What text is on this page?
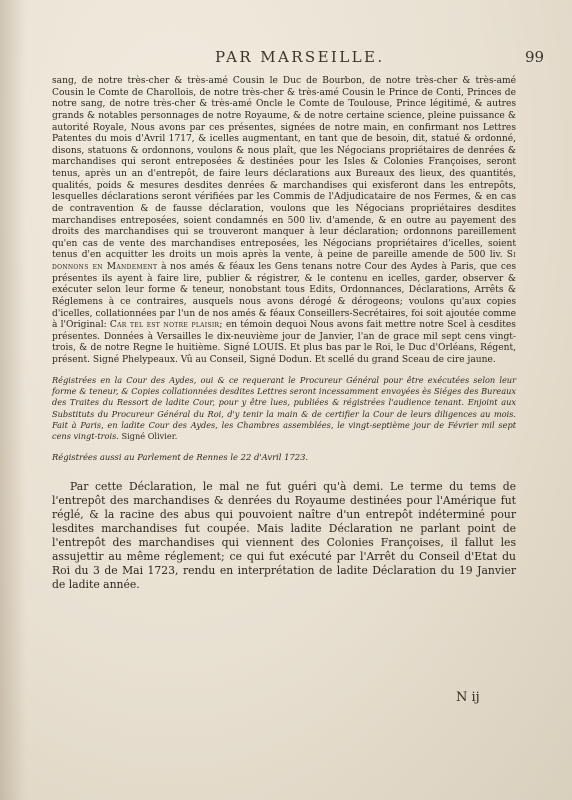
PAR MARSEILLE.	99

sang, de notre très-cher & très-amé Cousin le Duc de Bourbon, de notre très-cher & très-amé Cousin le Comte de Charollois, de notre très-cher & très-amé Cousin le Prince de Conti, Princes de notre sang, de notre très-cher & très-amé Oncle le Comte de Toulouse, Prince légitimé, & autres grands & notables personnages de notre Royaume, & de notre certaine science, pleine puissance & autorité Royale, Nous avons par ces présentes, signées de notre main, en confirmant nos Lettres Patentes du mois d'Avril 1717, & icelles augmentant, en tant que de besoin, dit, statué & ordonné, disons, statuons & ordonnons, voulons & nous plaît, que les Négocians propriétaires de denrées & marchandises qui seront entreposées & destinées pour les Isles & Colonies Françoises, seront tenus, après un an d'entrepôt, de faire leurs déclarations aux Bureaux des lieux, des quantités, qualités, poids & mesures desdites denrées & marchandises qui exisferont dans les entrepôts, lesquelles déclarations seront vérifiées par les Commis de l'Adjudicataire de nos Fermes, & en cas de contravention & de fausse déclaration, voulons que les Négocians propriétaires desdites marchandises entreposées, soient condamnés en 500 liv. d'amende, & en outre au payement des droits des marchandises qui se trouveront manquer à leur déclaration; ordonnons pareillement qu'en cas de vente des marchandises entreposées, les Négocians propriétaires d'icelles, soient tenus d'en acquitter les droits un mois après la vente, à peine de pareille amende de 500 liv. Si donnons en Mandement à nos amés & féaux les Gens tenans notre Cour des Aydes à Paris, que ces présentes ils ayent à faire lire, publier & régistrer, & le contenu en icelles, garder, observer & exécuter selon leur forme & teneur, nonobstant tous Edits, Ordonnances, Déclarations, Arrêts & Réglemens à ce contraires, ausquels nous avons dérogé & dérogeons; voulons qu'aux copies d'icelles, collationnées par l'un de nos amés & féaux Conseillers-Secrétaires, foi soit ajoutée comme à l'Original: Car tel est notre plaisir; en témoin dequoi Nous avons fait mettre notre Scel à cesdites présentes. Données à Versailles le dix-neuvième jour de Janvier, l'an de grace mil sept cens vingt-trois, & de notre Regne le huitième. Signé LOUIS. Et plus bas par le Roi, le Duc d'Orléans, Régent, présent. Signé Phelypeaux. Vû au Conseil, Signé Dodun. Et scellé du grand Sceau de cire jaune.

Régistrées en la Cour des Aydes, oui & ce requerant le Procureur Général pour être exécutées selon leur forme & teneur, & Copies collationnées desdites Lettres seront incessamment envoyées ès Siéges des Bureaux des Traites du Ressort de ladite Cour, pour y être lues, publiées & régistrées l'audience tenant. Enjoint aux Substituts du Procureur Général du Roi, d'y tenir la main & de certifier la Cour de leurs diligences au mois. Fait à Paris, en ladite Cour des Aydes, les Chambres assemblées, le vingt-septième jour de Février mil sept cens vingt-trois. Signé Olivier.

Régistrées aussi au Parlement de Rennes le 22 d'Avril 1723.

Par cette Déclaration, le mal ne fut guéri qu'à demi. Le terme du tems de l'entrepôt des marchandises & denrées du Royaume destinées pour l'Amérique fut réglé, & la racine des abus qui pouvoient naître d'un entrepôt indéterminé pour lesdites marchandises fut coupée. Mais ladite Déclaration ne parlant point de l'entrepôt des marchandises qui viennent des Colonies Françoises, il fallut les assujettir au même réglement; ce qui fut exécuté par l'Arrêt du Conseil d'Etat du Roi du 3 de Mai 1723, rendu en interprétation de ladite Déclaration du 19 Janvier de ladite année.

N ij
